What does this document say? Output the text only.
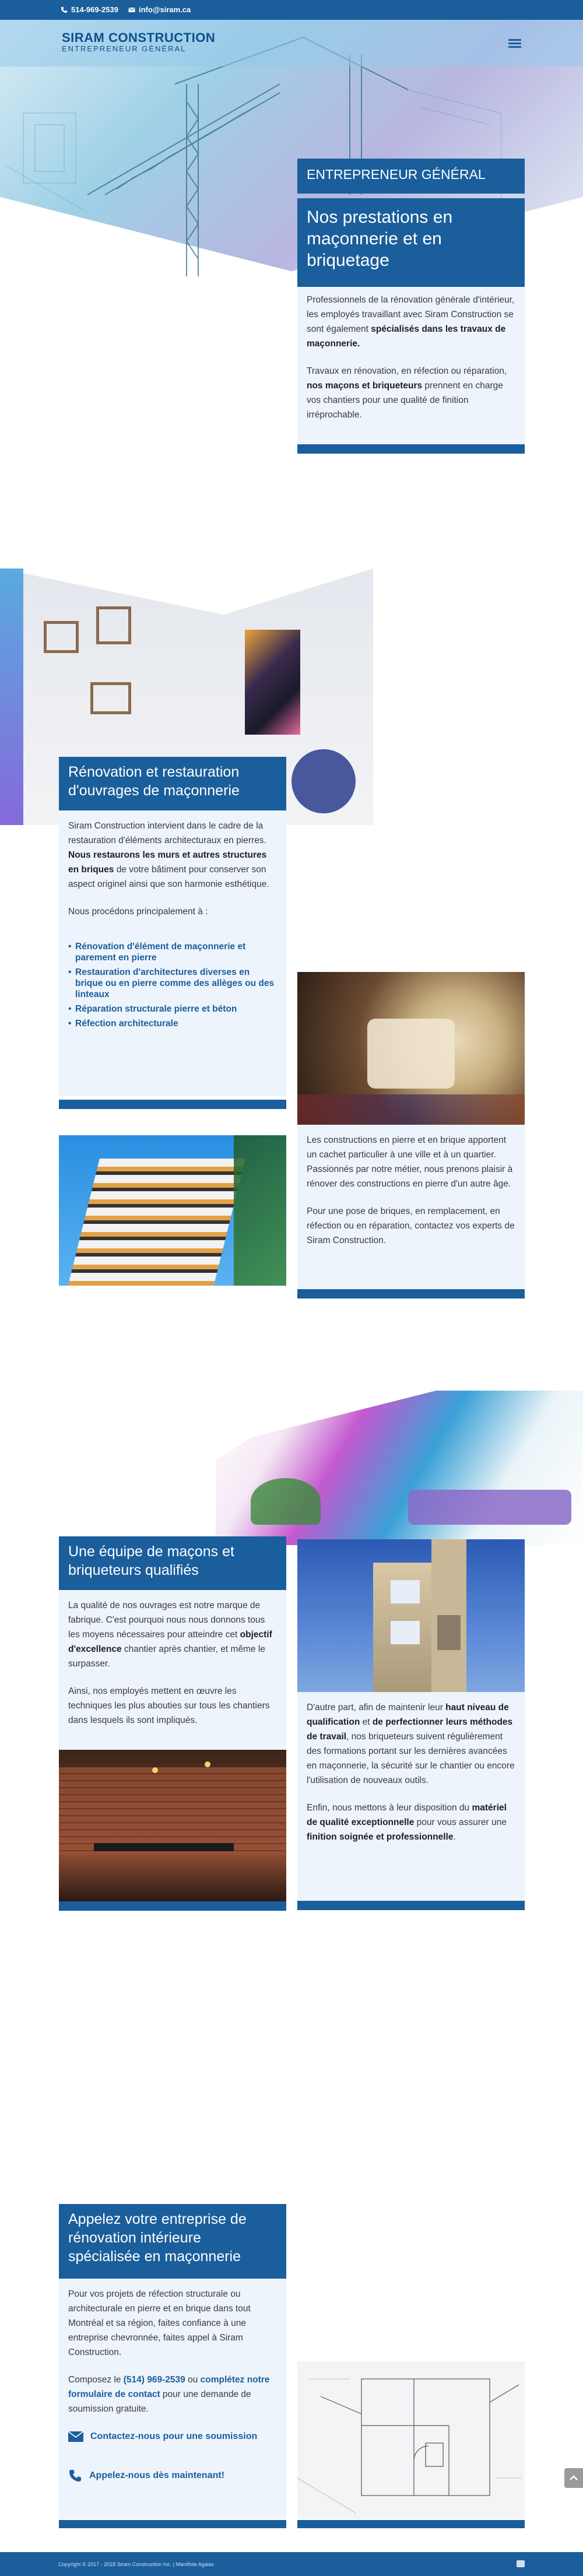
514-969-2539	info@siram.ca
SIRAM CONSTRUCTION
ENTREPRENEUR GÉNÉRAL
ENTREPRENEUR GÉNÉRAL
Nos prestations en maçonnerie et en briquetage

Professionnels de la rénovation générale d'intérieur, les employés travaillant avec Siram Construction se sont également spécialisés dans les travaux de maçonnerie.

Travaux en rénovation, en réfection ou réparation, nos maçons et briqueteurs prennent en charge vos chantiers pour une qualité de finition irréprochable.

Rénovation et restauration d'ouvrages de maçonnerie

Siram Construction intervient dans le cadre de la restauration d'éléments architecturaux en pierres. Nous restaurons les murs et autres structures en briques de votre bâtiment pour conserver son aspect originel ainsi que son harmonie esthétique.

Nous procédons principalement à :

• Rénovation d'élément de maçonnerie et parement en pierre
• Restauration d'architectures diverses en brique ou en pierre comme des allèges ou des linteaux
• Réparation structurale pierre et béton
• Réfection architecturale

Les constructions en pierre et en brique apportent un cachet particulier à une ville et à un quartier. Passionnés par notre métier, nous prenons plaisir à rénover des constructions en pierre d'un autre âge.

Pour une pose de briques, en remplacement, en réfection ou en réparation, contactez vos experts de Siram Construction.

Une équipe de maçons et briqueteurs qualifiés

La qualité de nos ouvrages est notre marque de fabrique. C'est pourquoi nous nous donnons tous les moyens nécessaires pour atteindre cet objectif d'excellence chantier après chantier, et même le surpasser.

Ainsi, nos employés mettent en œuvre les techniques les plus abouties sur tous les chantiers dans lesquels ils sont impliqués.

D'autre part, afin de maintenir leur haut niveau de qualification et de perfectionner leurs méthodes de travail, nos briqueteurs suivent régulièrement des formations portant sur les dernières avancées en maçonnerie, la sécurité sur le chantier ou encore l'utilisation de nouveaux outils.

Enfin, nous mettons à leur disposition du matériel de qualité exceptionnelle pour vous assurer une finition soignée et professionnelle.

Appelez votre entreprise de rénovation intérieure spécialisée en maçonnerie

Pour vos projets de réfection structurale ou architecturale en pierre et en brique dans tout Montréal et sa région, faites confiance à une entreprise chevronnée, faites appel à Siram Construction.

Composez le (514) 969-2539 ou complétez notre formulaire de contact pour une demande de soumission gratuite.

Contactez-nous pour une soumission
Appelez-nous dès maintenant!
Copyright © 2017 - 2018 Siram Construction Inc. | Manifiste Agalax
